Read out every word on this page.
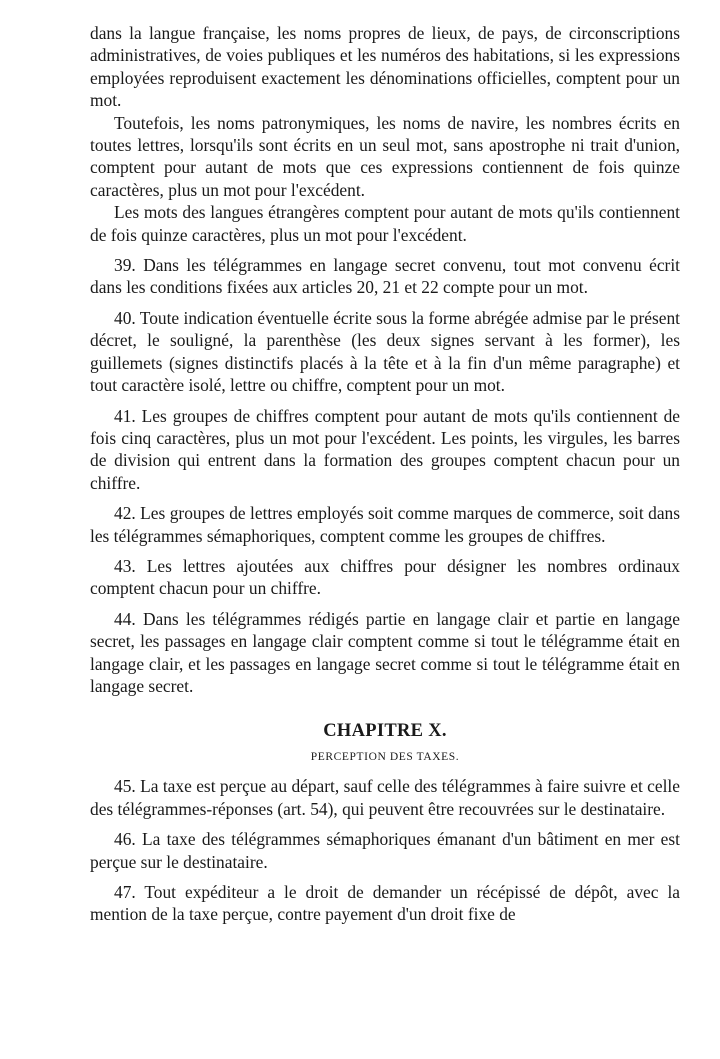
dans la langue française, les noms propres de lieux, de pays, de circonscriptions administratives, de voies publiques et les numéros des habitations, si les expressions employées reproduisent exactement les dénominations officielles, comptent pour un mot.

Toutefois, les noms patronymiques, les noms de navire, les nombres écrits en toutes lettres, lorsqu'ils sont écrits en un seul mot, sans apostrophe ni trait d'union, comptent pour autant de mots que ces expressions contiennent de fois quinze caractères, plus un mot pour l'excédent.

Les mots des langues étrangères comptent pour autant de mots qu'ils contiennent de fois quinze caractères, plus un mot pour l'excédent.

39. Dans les télégrammes en langage secret convenu, tout mot convenu écrit dans les conditions fixées aux articles 20, 21 et 22 compte pour un mot.

40. Toute indication éventuelle écrite sous la forme abrégée admise par le présent décret, le souligné, la parenthèse (les deux signes servant à les former), les guillemets (signes distinctifs placés à la tête et à la fin d'un même paragraphe) et tout caractère isolé, lettre ou chiffre, comptent pour un mot.

41. Les groupes de chiffres comptent pour autant de mots qu'ils contiennent de fois cinq caractères, plus un mot pour l'excédent. Les points, les virgules, les barres de division qui entrent dans la formation des groupes comptent chacun pour un chiffre.

42. Les groupes de lettres employés soit comme marques de commerce, soit dans les télégrammes sémaphoriques, comptent comme les groupes de chiffres.

43. Les lettres ajoutées aux chiffres pour désigner les nombres ordinaux comptent chacun pour un chiffre.

44. Dans les télégrammes rédigés partie en langage clair et partie en langage secret, les passages en langage clair comptent comme si tout le télégramme était en langage clair, et les passages en langage secret comme si tout le télégramme était en langage secret.

CHAPITRE X.
PERCEPTION DES TAXES.

45. La taxe est perçue au départ, sauf celle des télégrammes à faire suivre et celle des télégrammes-réponses (art. 54), qui peuvent être recouvrées sur le destinataire.

46. La taxe des télégrammes sémaphoriques émanant d'un bâtiment en mer est perçue sur le destinataire.

47. Tout expéditeur a le droit de demander un récépissé de dépôt, avec la mention de la taxe perçue, contre payement d'un droit fixe de
